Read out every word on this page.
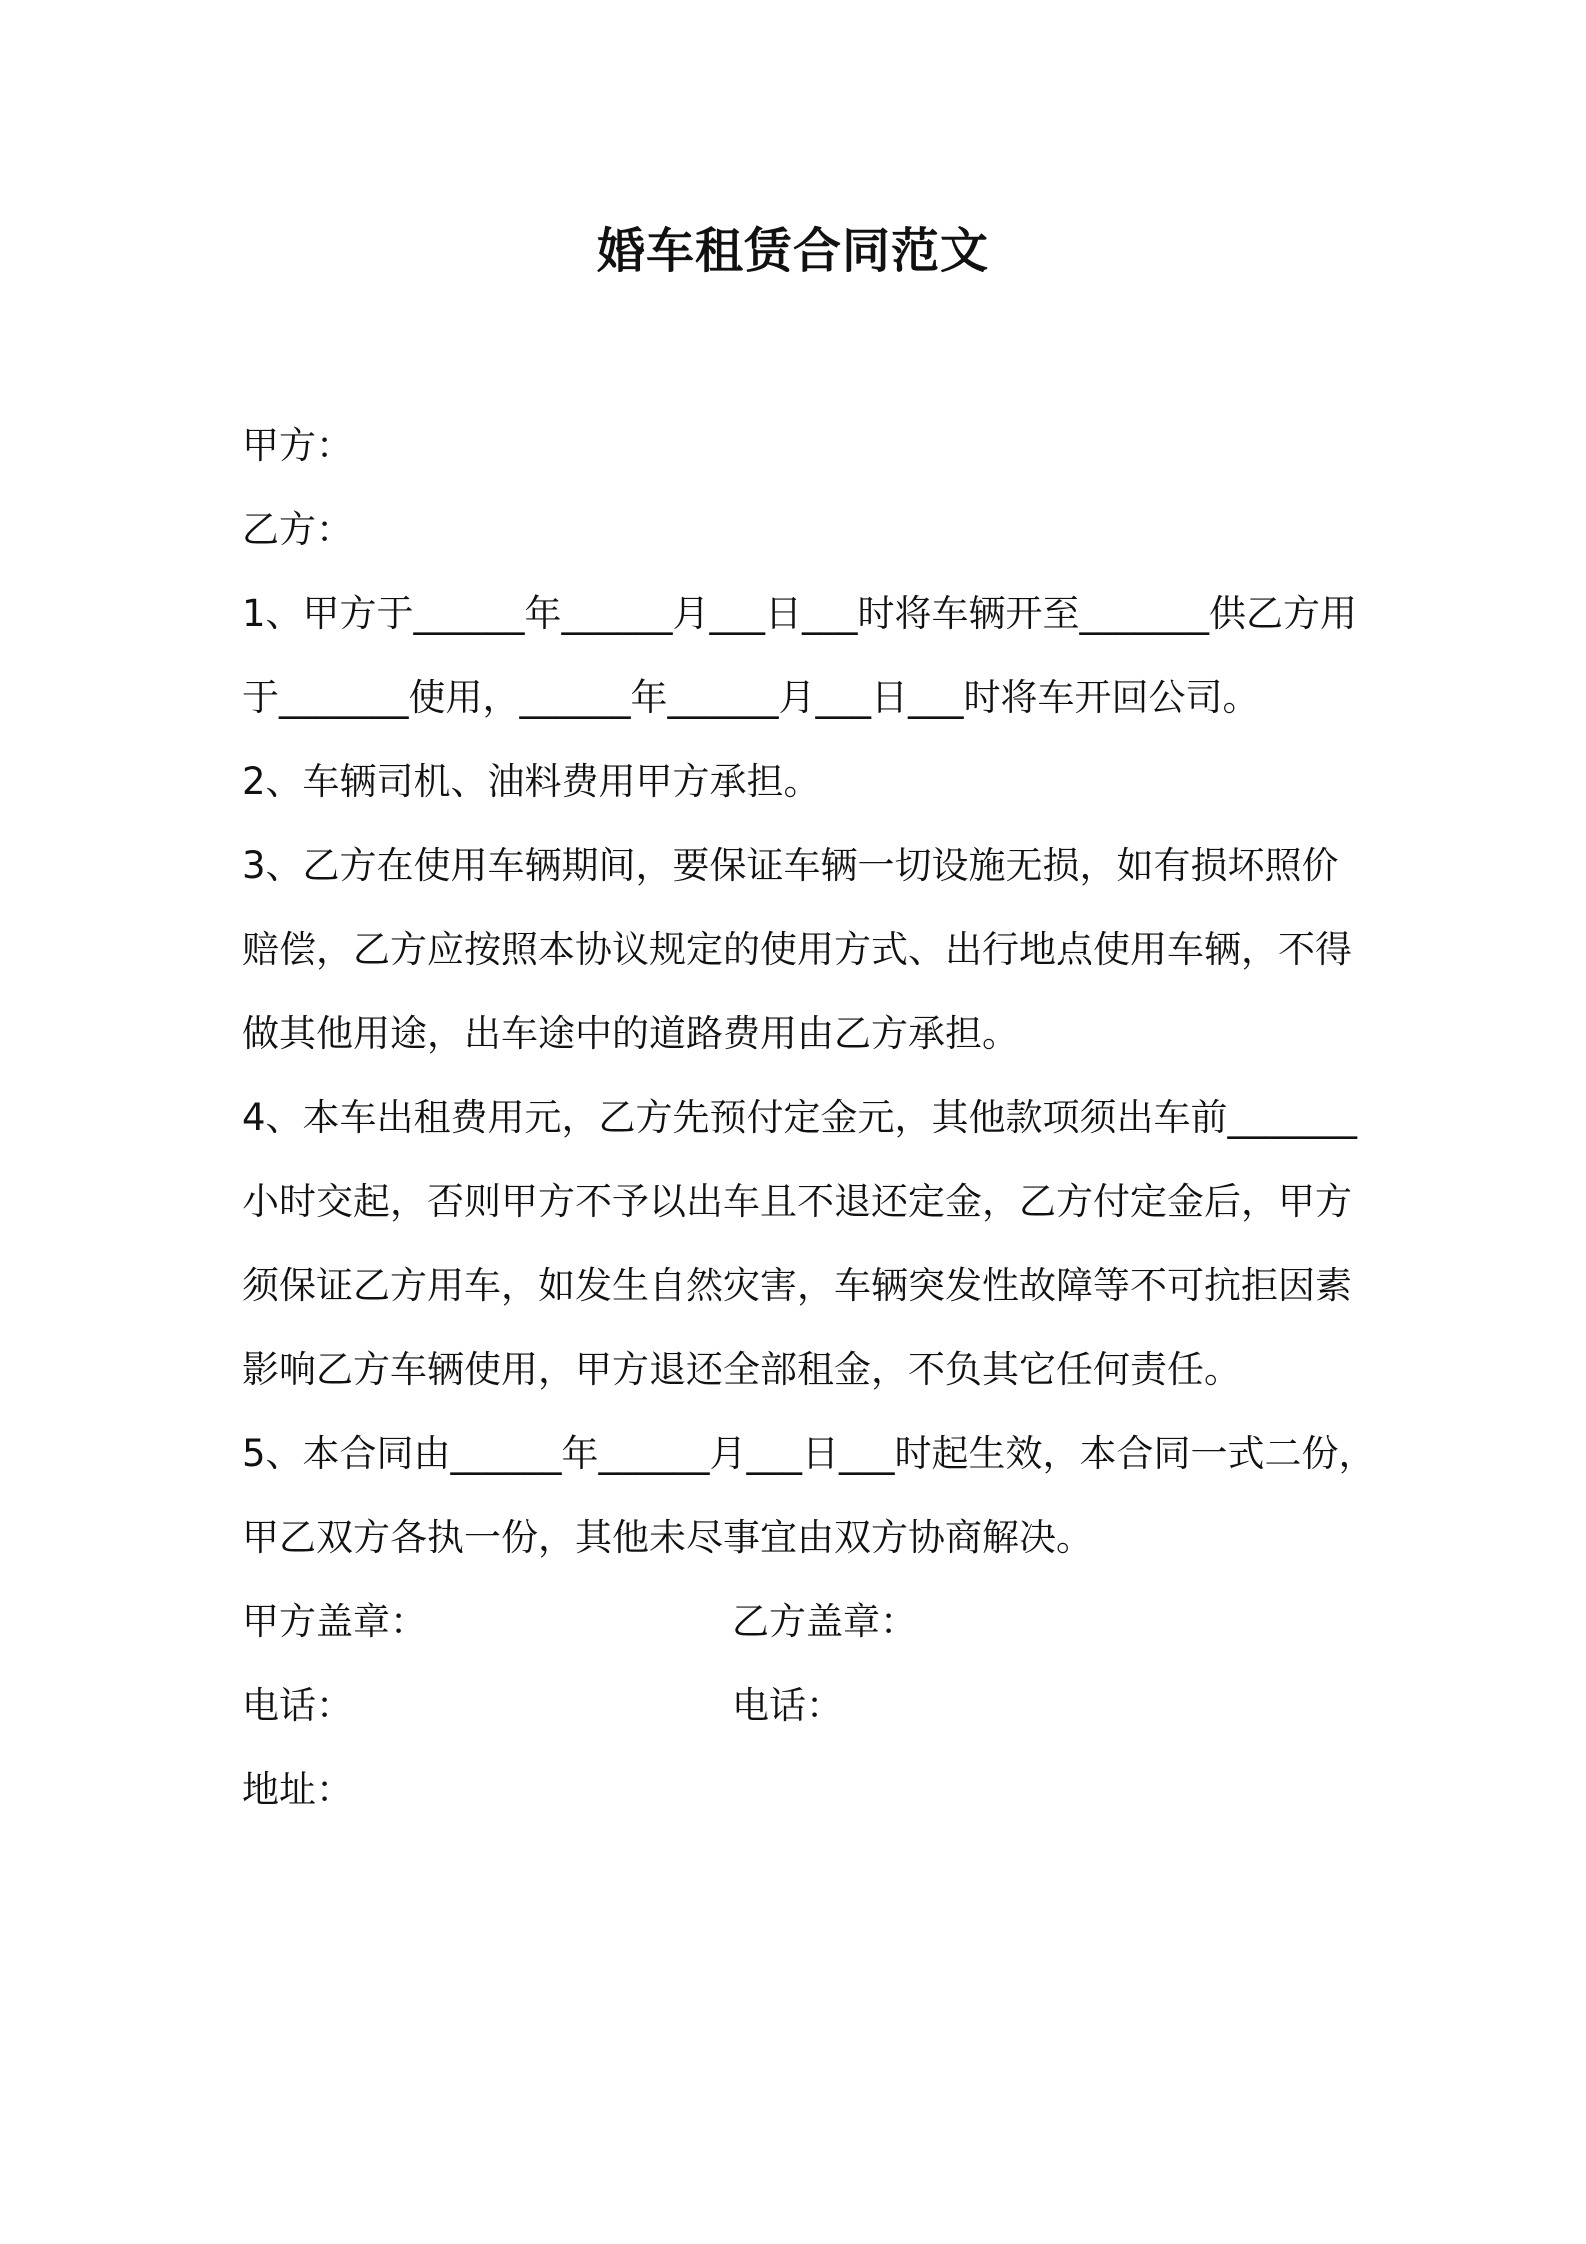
婚车租赁合同范文

甲方：

乙方：

1、甲方于______年______月___日___时将车辆开至_______供乙方用

于_______使用，______年______月___日___时将车开回公司。

2、车辆司机、油料费用甲方承担。

3、乙方在使用车辆期间，要保证车辆一切设施无损，如有损坏照价

赔偿，乙方应按照本协议规定的使用方式、出行地点使用车辆，不得

做其他用途，出车途中的道路费用由乙方承担。

4、本车出租费用元，乙方先预付定金元，其他款项须出车前_______

小时交起，否则甲方不予以出车且不退还定金，乙方付定金后，甲方

须保证乙方用车，如发生自然灾害，车辆突发性故障等不可抗拒因素

影响乙方车辆使用，甲方退还全部租金，不负其它任何责任。

5、本合同由______年______月___日___时起生效，本合同一式二份，

甲乙双方各执一份，其他未尽事宜由双方协商解决。

甲方盖章：	乙方盖章：
电话：	电话：
地址：
